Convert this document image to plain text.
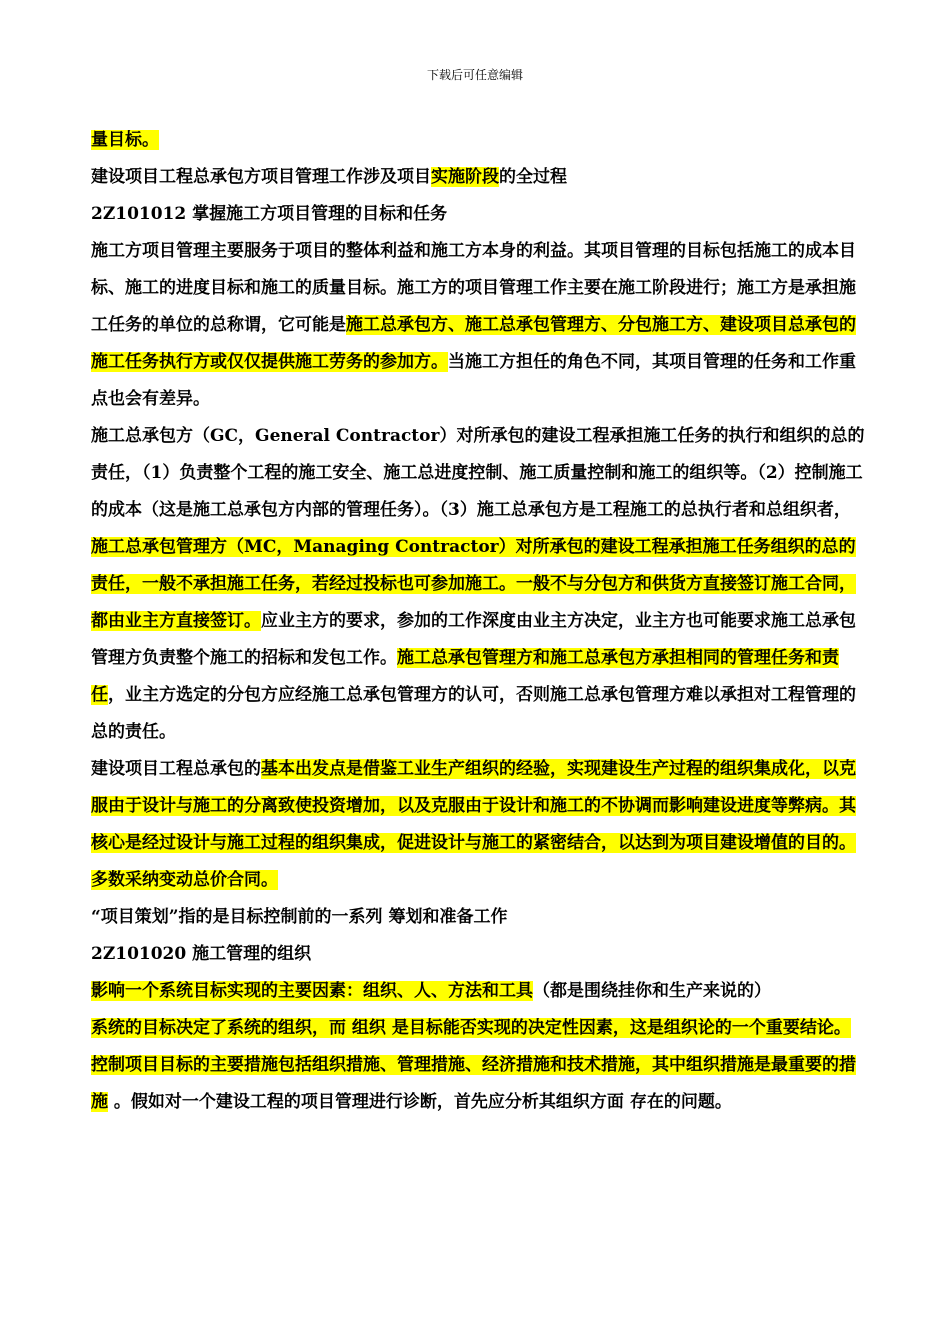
下载后可任意编辑

量目标。

建设项目工程总承包方项目管理工作涉及项目实施阶段的全过程

2Z101012 掌握施工方项目管理的目标和任务

施工方项目管理主要服务于项目的整体利益和施工方本身的利益。其项目管理的目标包括施工的成本目标、施工的进度目标和施工的质量目标。施工方的项目管理工作主要在施工阶段进行；施工方是承担施工任务的单位的总称谓，它可能是施工总承包方、施工总承包管理方、分包施工方、建设项目总承包的施工任务执行方或仅仅提供施工劳务的参加方。当施工方担任的角色不同，其项目管理的任务和工作重点也会有差异。

施工总承包方（GC，General Contractor）对所承包的建设工程承担施工任务的执行和组织的总的责任，（1）负责整个工程的施工安全、施工总进度控制、施工质量控制和施工的组织等。（2）控制施工的成本（这是施工总承包方内部的管理任务）。（3）施工总承包方是工程施工的总执行者和总组织者，

施工总承包管理方（MC，Managing Contractor）对所承包的建设工程承担施工任务组织的总的责任，一般不承担施工任务，若经过投标也可参加施工。一般不与分包方和供货方直接签订施工合同，都由业主方直接签订。应业主方的要求，参加的工作深度由业主方决定，业主方也可能要求施工总承包管理方负责整个施工的招标和发包工作。施工总承包管理方和施工总承包方承担相同的管理任务和责任，业主方选定的分包方应经施工总承包管理方的认可，否则施工总承包管理方难以承担对工程管理的总的责任。

建设项目工程总承包的基本出发点是借鉴工业生产组织的经验，实现建设生产过程的组织集成化，以克服由于设计与施工的分离致使投资增加，以及克服由于设计和施工的不协调而影响建设进度等弊病。其核心是经过设计与施工过程的组织集成，促进设计与施工的紧密结合，以达到为项目建设增值的目的。多数采纳变动总价合同。

“项目策划”指的是目标控制前的一系列 筹划和准备工作

2Z101020 施工管理的组织

影响一个系统目标实现的主要因素：组织、人、方法和工具（都是围绕挂你和生产来说的）

系统的目标决定了系统的组织，而 组织 是目标能否实现的决定性因素，这是组织论的一个重要结论。

控制项目目标的主要措施包括组织措施、管理措施、经济措施和技术措施，其中组织措施是最重要的措施 。假如对一个建设工程的项目管理进行诊断，首先应分析其组织方面 存在的问题。
